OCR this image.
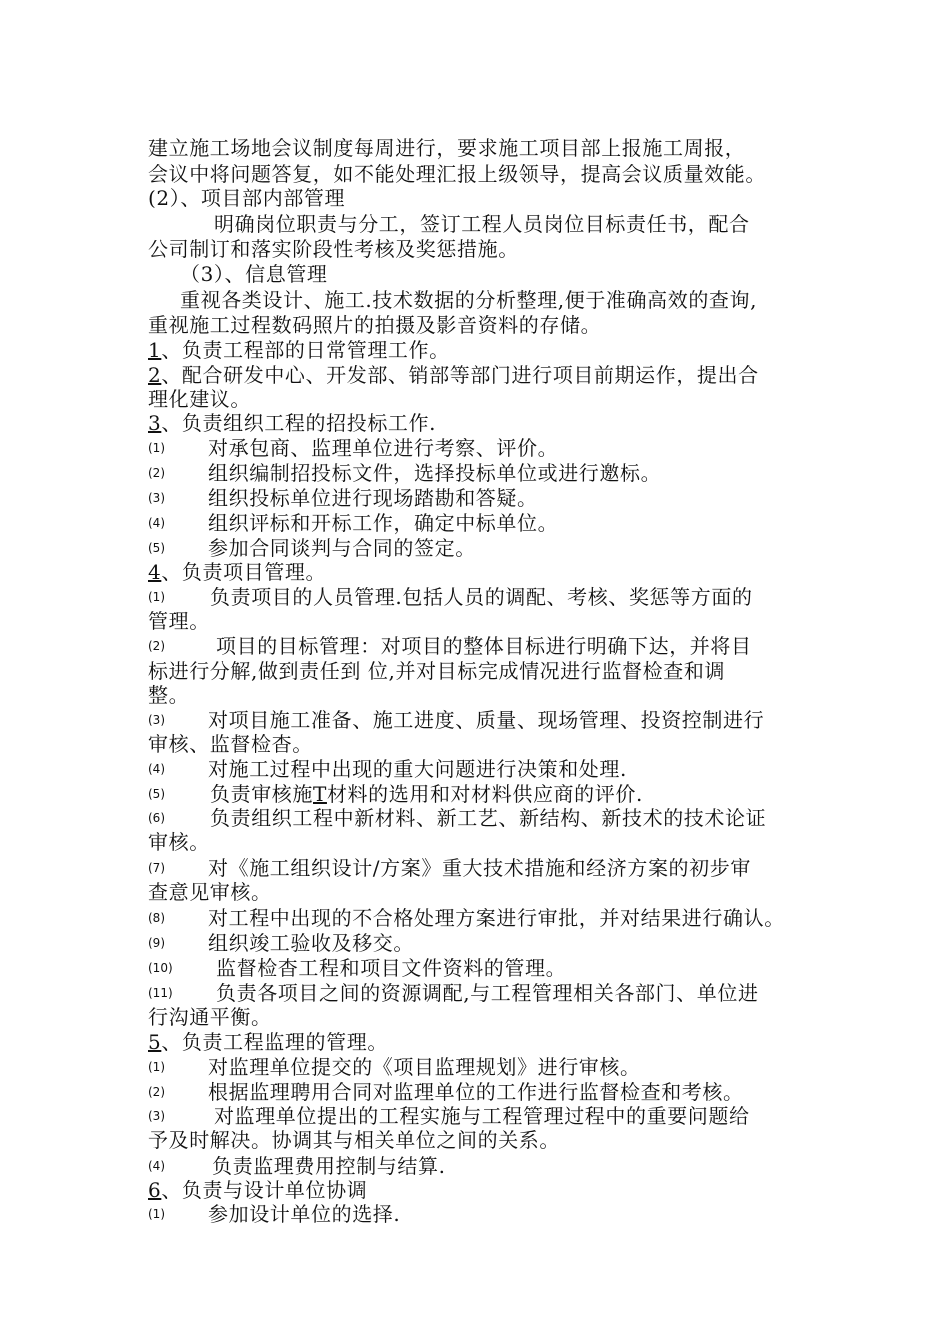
建立施工场地会议制度每周进行，要求施工项目部上报施工周报，
会议中将问题答复，如不能处理汇报上级领导，提高会议质量效能。
(2）、项目部内部管理
明确岗位职责与分工，签订工程人员岗位目标责任书，配合
公司制订和落实阶段性考核及奖惩措施。
（3）、信息管理
重视各类设计、施工.技术数据的分析整理,便于准确高效的查询,
重视施工过程数码照片的拍摄及影音资料的存储。
1、负责工程部的日常管理工作。
2、配合研发中心、开发部、销部等部门进行项目前期运作，提出合
理化建议。
3、负责组织工程的招投标工作.
(1) 对承包商、监理单位进行考察、评价。
(2) 组织编制招投标文件，选择投标单位或进行邀标。
(3) 组织投标单位进行现场踏勘和答疑。
(4) 组织评标和开标工作，确定中标单位。
(5) 参加合同谈判与合同的签定。
4、负责项目管理。
(1) 负责项目的人员管理.包括人员的调配、考核、奖惩等方面的
管理。
(2)	项目的目标管理：对项目的整体目标进行明确下达，并将目
标进行分解,做到责任到 位,并对目标完成情况进行监督检查和调
整。
(3) 对项目施工准备、施工进度、质量、现场管理、投资控制进行
审核、监督检杳。
(4) 对施工过程中出现的重大问题进行决策和处理.
(5) 负责审核施T材料的选用和对材料供应商的评价.
(6) 负责组织工程中新材料、新工艺、新结构、新技术的技术论证
审核。
(7) 对《施工组织设计/方案》重大技术措施和经济方案的初步审
查意见审核。
(8) 对工程中出现的不合格处理方案进行审批，并对结果进行确认。
(9) 组织竣工验收及移交。
(10) 监督检杳工程和项目文件资料的管理。
(11) 负责各项目之间的资源调配,与工程管理相关各部门、单位进
行沟通平衡。
5、负责工程监理的管理。
(1) 对监理单位提交的《项目监理规划》进行审核。
(2) 根据监理聘用合同对监理单位的工作进行监督检查和考核。
(3) 对监理单位提出的工程实施与工程管理过程中的重要问题给
予及时解决。协调其与相关单位之间的关系。
(4) 负责监理费用控制与结算.
6、负责与设计单位协调
(1) 参加设计单位的选择.
